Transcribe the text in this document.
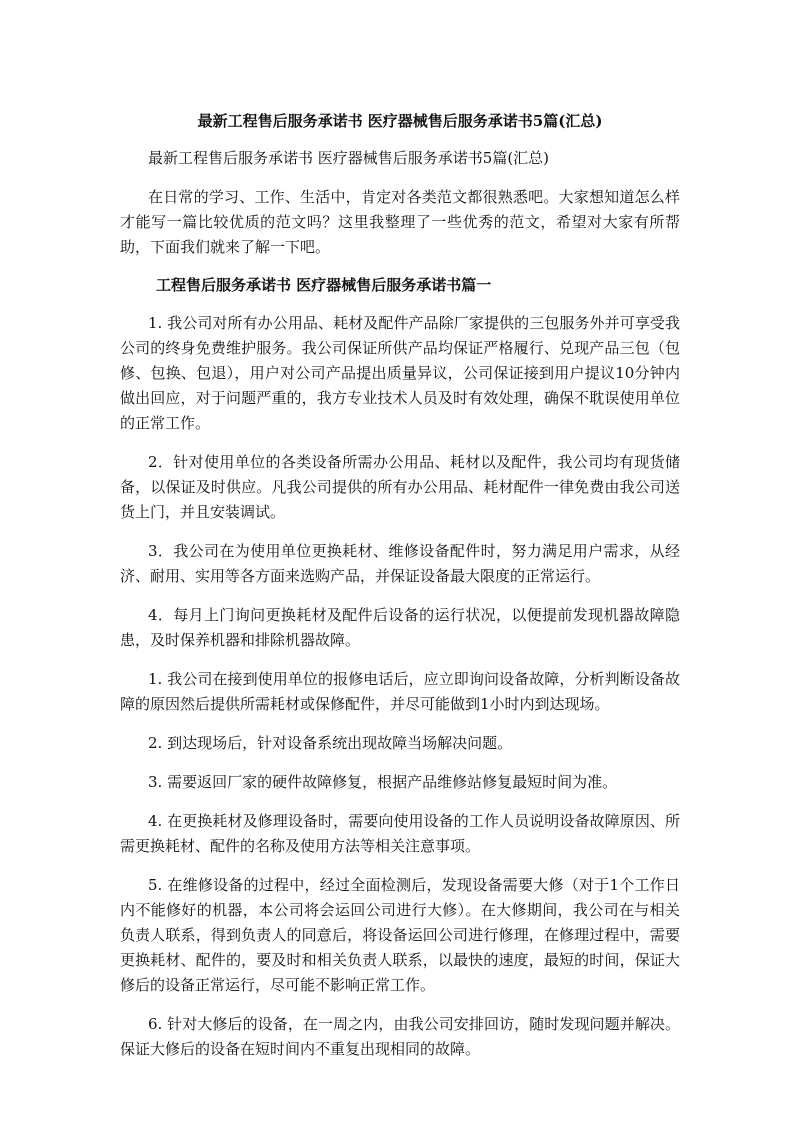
最新工程售后服务承诺书 医疗器械售后服务承诺书5篇(汇总)

最新工程售后服务承诺书 医疗器械售后服务承诺书5篇(汇总)

在日常的学习、工作、生活中，肯定对各类范文都很熟悉吧。大家想知道怎么样才能写一篇比较优质的范文吗？这里我整理了一些优秀的范文，希望对大家有所帮助，下面我们就来了解一下吧。

工程售后服务承诺书 医疗器械售后服务承诺书篇一

1. 我公司对所有办公用品、耗材及配件产品除厂家提供的三包服务外并可享受我公司的终身免费维护服务。我公司保证所供产品均保证严格履行、兑现产品三包（包修、包换、包退），用户对公司产品提出质量异议，公司保证接到用户提议10分钟内做出回应，对于问题严重的，我方专业技术人员及时有效处理，确保不耽误使用单位的正常工作。

2．针对使用单位的各类设备所需办公用品、耗材以及配件，我公司均有现货储备，以保证及时供应。凡我公司提供的所有办公用品、耗材配件一律免费由我公司送货上门，并且安装调试。

3．我公司在为使用单位更换耗材、维修设备配件时，努力满足用户需求，从经济、耐用、实用等各方面来选购产品，并保证设备最大限度的正常运行。

4．每月上门询问更换耗材及配件后设备的运行状况，以便提前发现机器故障隐患，及时保养机器和排除机器故障。

1. 我公司在接到使用单位的报修电话后，应立即询问设备故障，分析判断设备故障的原因然后提供所需耗材或保修配件，并尽可能做到1小时内到达现场。

2. 到达现场后，针对设备系统出现故障当场解决问题。

3. 需要返回厂家的硬件故障修复，根据产品维修站修复最短时间为准。

4. 在更换耗材及修理设备时，需要向使用设备的工作人员说明设备故障原因、所需更换耗材、配件的名称及使用方法等相关注意事项。

5. 在维修设备的过程中，经过全面检测后，发现设备需要大修（对于1个工作日内不能修好的机器，本公司将会运回公司进行大修）。在大修期间，我公司在与相关负责人联系，得到负责人的同意后，将设备运回公司进行修理，在修理过程中，需要更换耗材、配件的，要及时和相关负责人联系，以最快的速度，最短的时间，保证大修后的设备正常运行，尽可能不影响正常工作。

6. 针对大修后的设备，在一周之内，由我公司安排回访，随时发现问题并解决。保证大修后的设备在短时间内不重复出现相同的故障。
